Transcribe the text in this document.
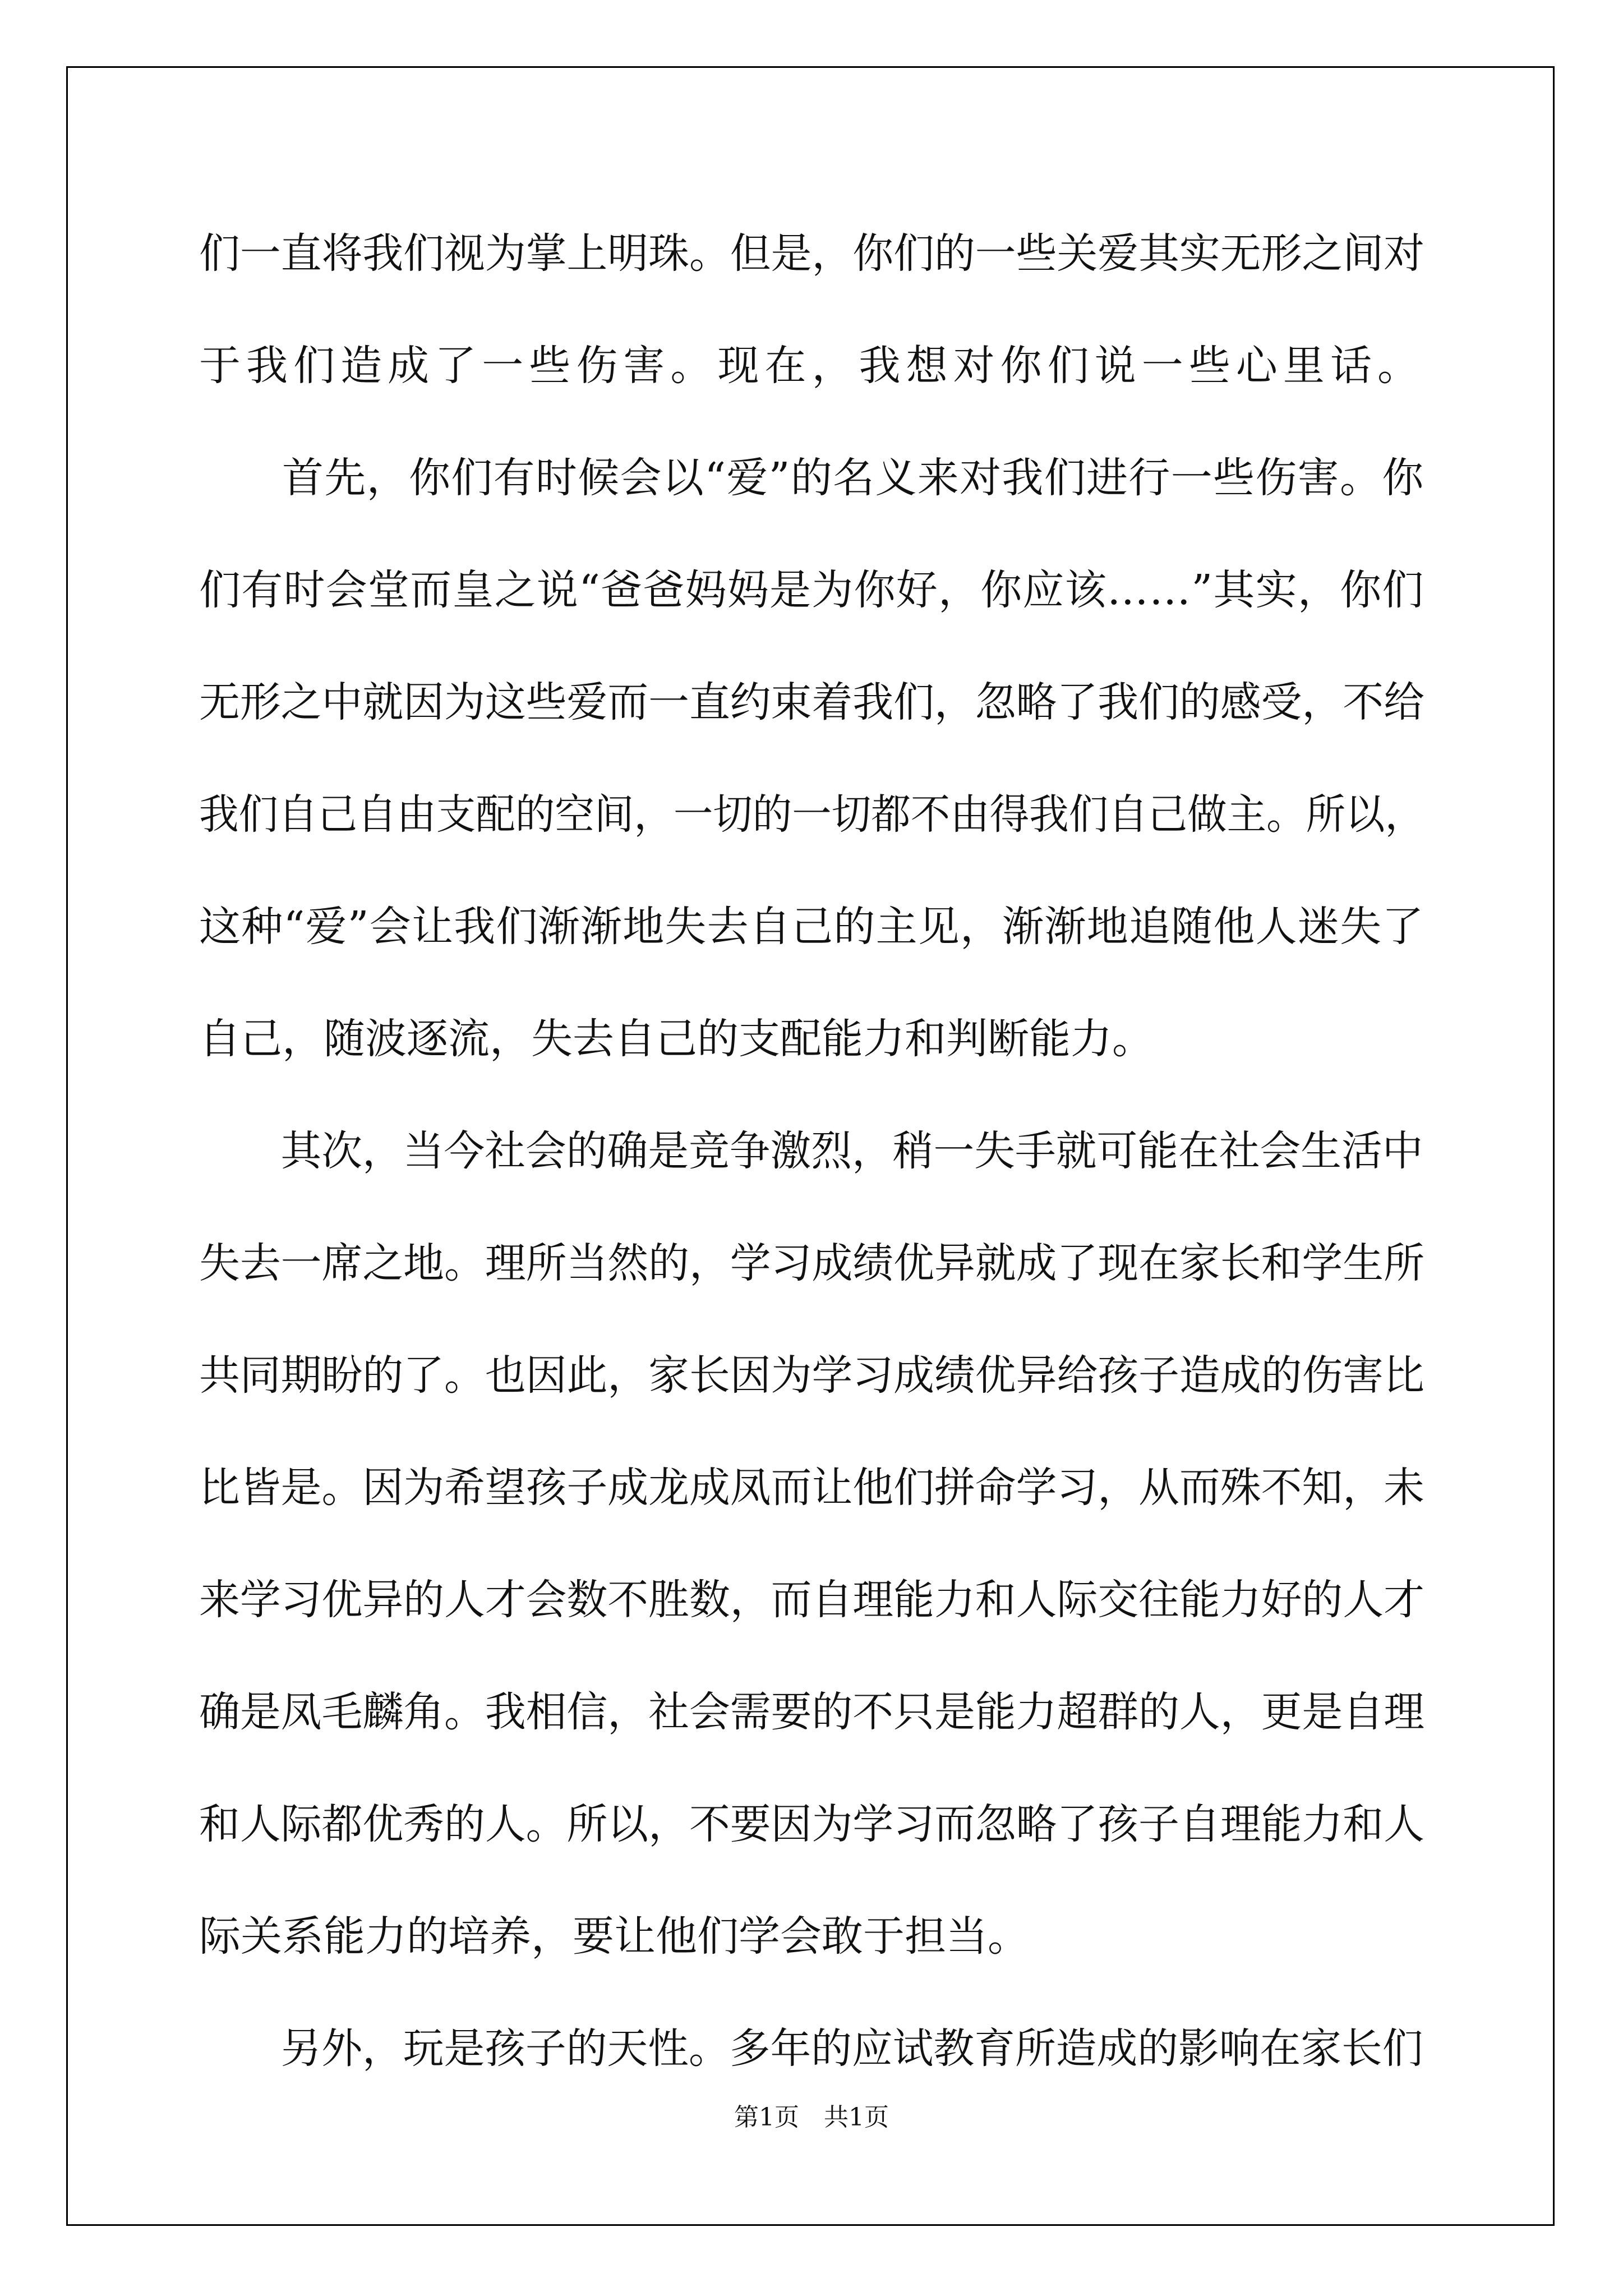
们一直将我们视为掌上明珠。但是，你们的一些关爱其实无形之间对
于我们造成了一些伤害。现在，我想对你们说一些心里话。
首先，你们有时候会以“爱”的名义来对我们进行一些伤害。你
们有时会堂而皇之说“爸爸妈妈是为你好，你应该……”其实，你们
无形之中就因为这些爱而一直约束着我们，忽略了我们的感受，不给
我们自己自由支配的空间，一切的一切都不由得我们自己做主。所以，
这种“爱”会让我们渐渐地失去自己的主见，渐渐地追随他人迷失了
自己，随波逐流，失去自己的支配能力和判断能力。
其次，当今社会的确是竞争激烈，稍一失手就可能在社会生活中
失去一席之地。理所当然的，学习成绩优异就成了现在家长和学生所
共同期盼的了。也因此，家长因为学习成绩优异给孩子造成的伤害比
比皆是。因为希望孩子成龙成凤而让他们拼命学习，从而殊不知，未
来学习优异的人才会数不胜数，而自理能力和人际交往能力好的人才
确是凤毛麟角。我相信，社会需要的不只是能力超群的人，更是自理
和人际都优秀的人。所以，不要因为学习而忽略了孩子自理能力和人
际关系能力的培养，要让他们学会敢于担当。
另外，玩是孩子的天性。多年的应试教育所造成的影响在家长们
第1页　共1页
